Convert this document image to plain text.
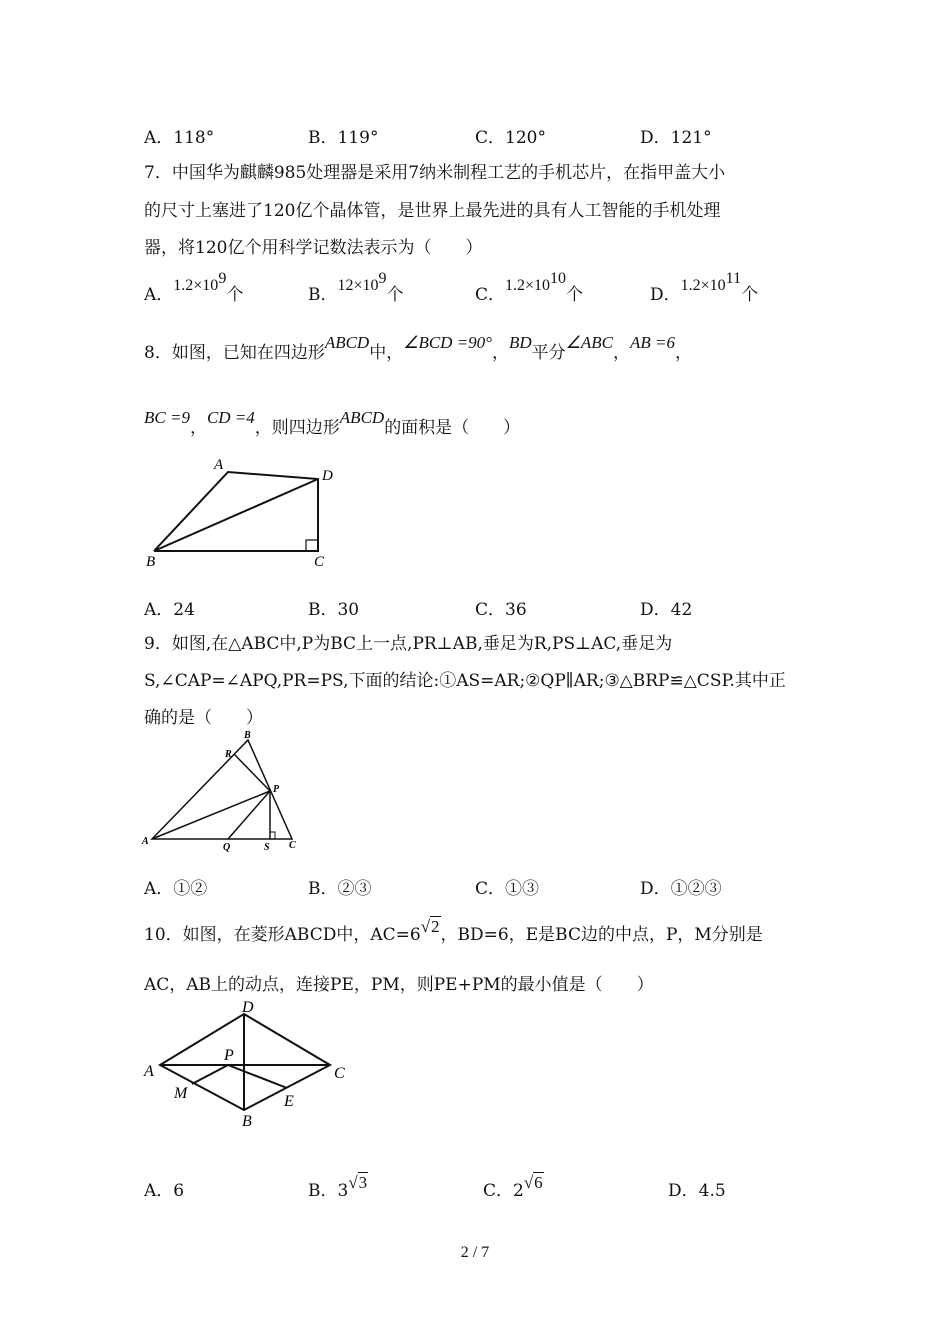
A．118°	B．119°	C．120°	D．121°
7．中国华为麒麟985处理器是采用7纳米制程工艺的手机芯片，在指甲盖大小
的尺寸上塞进了120亿个晶体管，是世界上最先进的具有人工智能的手机处理
器，将120亿个用科学记数法表示为（　　）
A．$1.2\times 10^9$个	B．$12\times 10^9$个	C．$1.2\times 10^{10}$个	D．$1.2\times 10^{11}$个
8．如图，已知在四边形ABCD中，∠BCD =90°，BD平分∠ABC，AB =6，
BC =9，CD =4，则四边形ABCD的面积是（　　）
A
D
B	C
A．24	B．30	C．36	D．42
9．如图,在△ABC中,P为BC上一点,PR⊥AB,垂足为R,PS⊥AC,垂足为
S,∠CAP=∠APQ,PR=PS,下面的结论:①AS=AR;②QP∥AR;③△BRP≌△CSP.其中正
确的是（　　）
B
R
P
A
Q	S C
A．①②	B．②③	C．①③	D．①②③
10．如图，在菱形ABCD中，AC=6√2，BD=6，E是BC边的中点，P，M分别是
AC，AB上的动点，连接PE，PM，则PE+PM的最小值是（　　）
D
A	C
P
M	E
B
A．6	B．3√3	C．2√6	D．4.5
2 / 7
